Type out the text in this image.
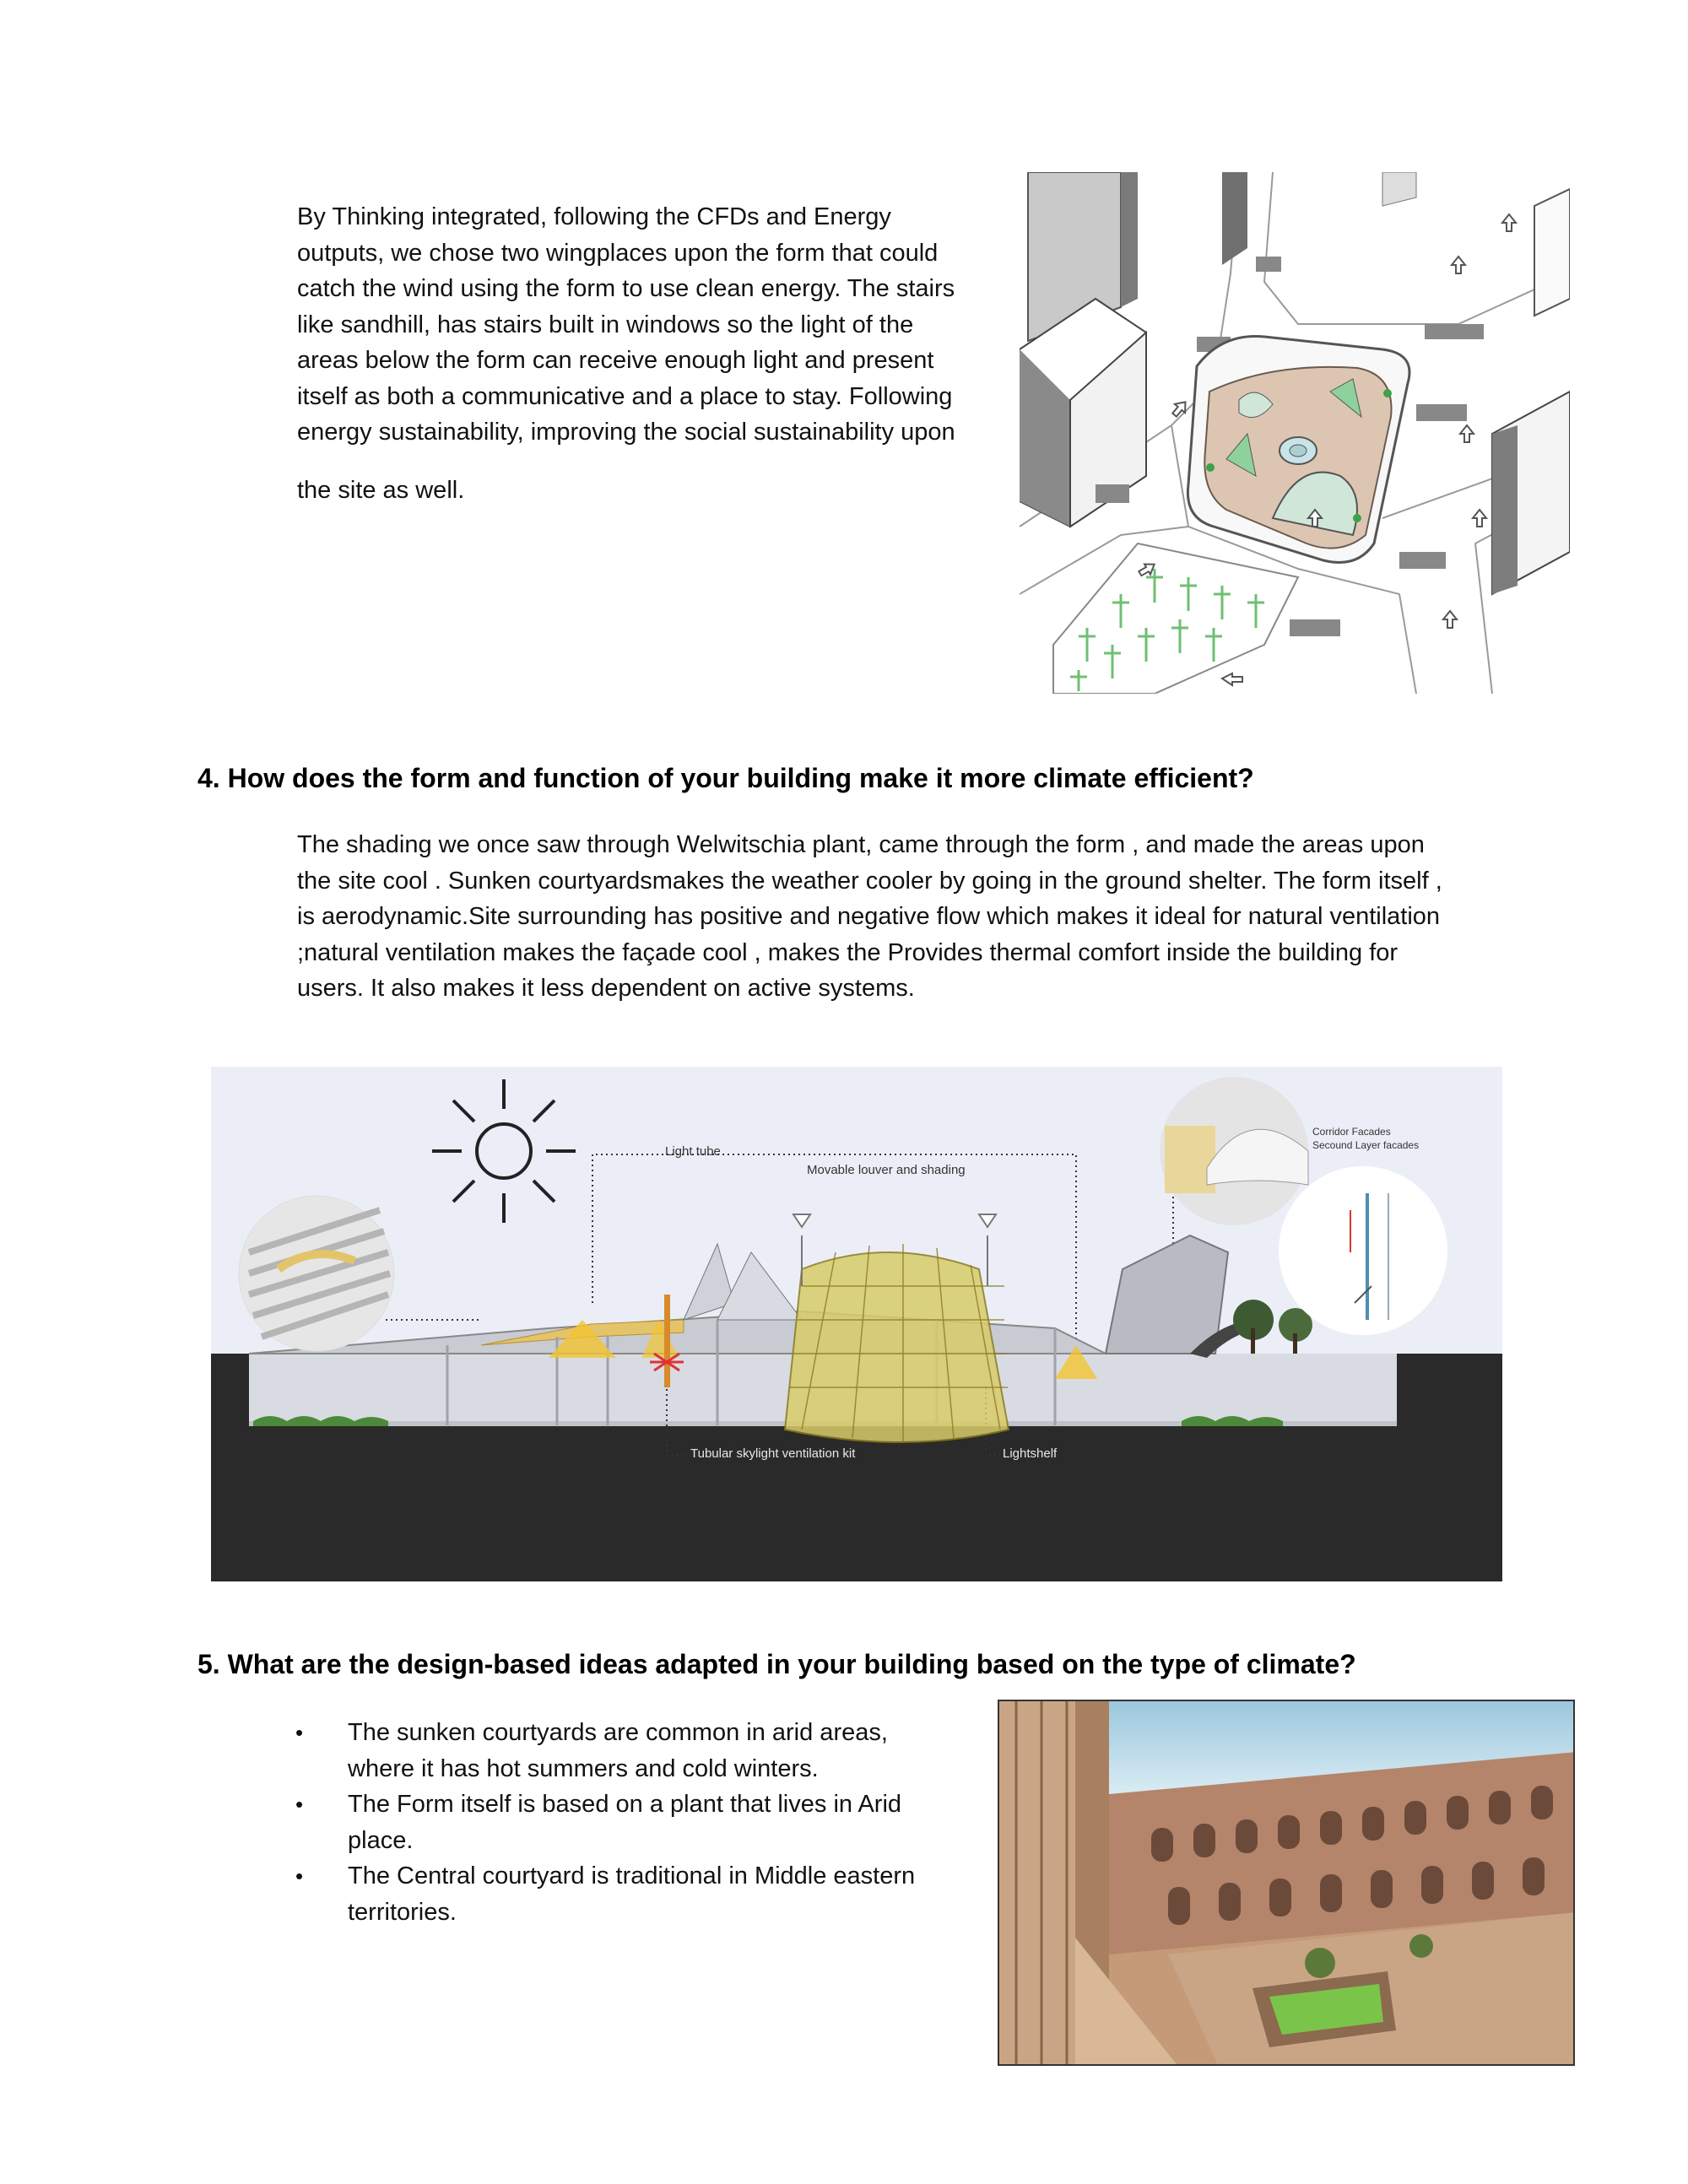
By Thinking integrated, following the CFDs and Energy
outputs, we chose two wingplaces upon the form that could
catch the wind using the form to use clean energy. The stairs
like sandhill, has stairs built in windows so the light of the
areas below the form can receive enough light and present
itself as both a communicative and a place to stay. Following
energy sustainability, improving the social sustainability upon
the site as well.
4. How does the form and function of your building make it more climate efficient?
The shading we once saw through Welwitschia plant, came through the form , and made the areas upon
the site cool . Sunken courtyardsmakes the weather cooler by going in the ground shelter. The form itself ,
is aerodynamic.Site surrounding has positive and negative flow which makes it ideal for natural ventilation
;natural ventilation makes the façade cool , makes the Provides thermal comfort inside the building for
users. It also makes it less dependent on active systems.
Light tube
Movable louver and shading
Corridor Facades
Secound Layer facades
Tubular skylight ventilation kit	Lightshelf
5. What are the design-based ideas adapted in your building based on the type of climate?
• The sunken courtyards are common in arid areas,
where it has hot summers and cold winters.
• The Form itself is based on a plant that lives in Arid
place.
• The Central courtyard is traditional in Middle eastern
territories.
